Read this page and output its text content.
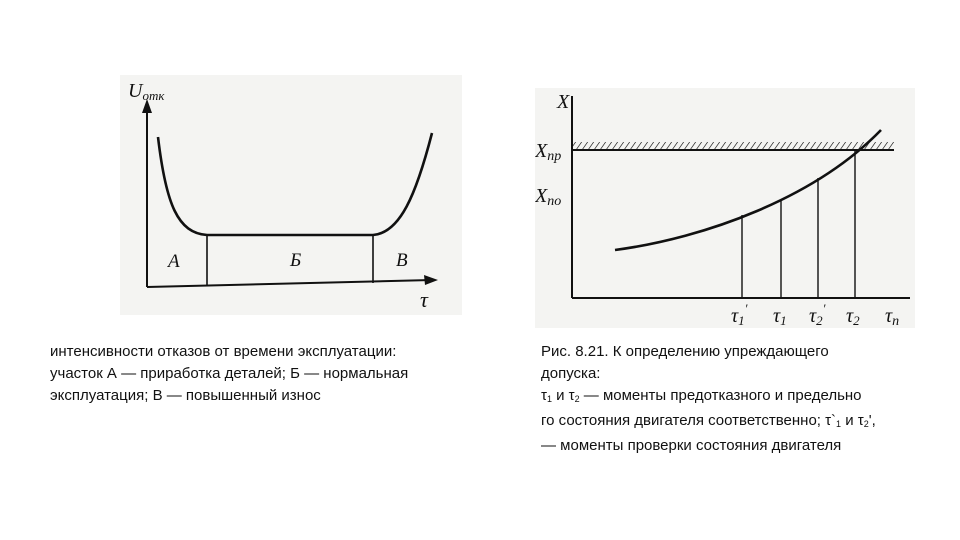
Uотк
τ
А	Б	В
X
Xпр
Xпо
τ1′ τ1 τ2′ τ2 τп

интенсивности отказов от времени эксплуатации:

участок А — приработка деталей; Б — нормальная

эксплуатация; В — повышенный износ

Рис. 8.21. К определению упреждающего

допуска:

$\tau_1$ и $\tau_2$ — моменты предотказного и предельно

го состояния двигателя соответственно; $\tau`_1$ и $\tau_2'$,

— моменты проверки состояния двигателя
